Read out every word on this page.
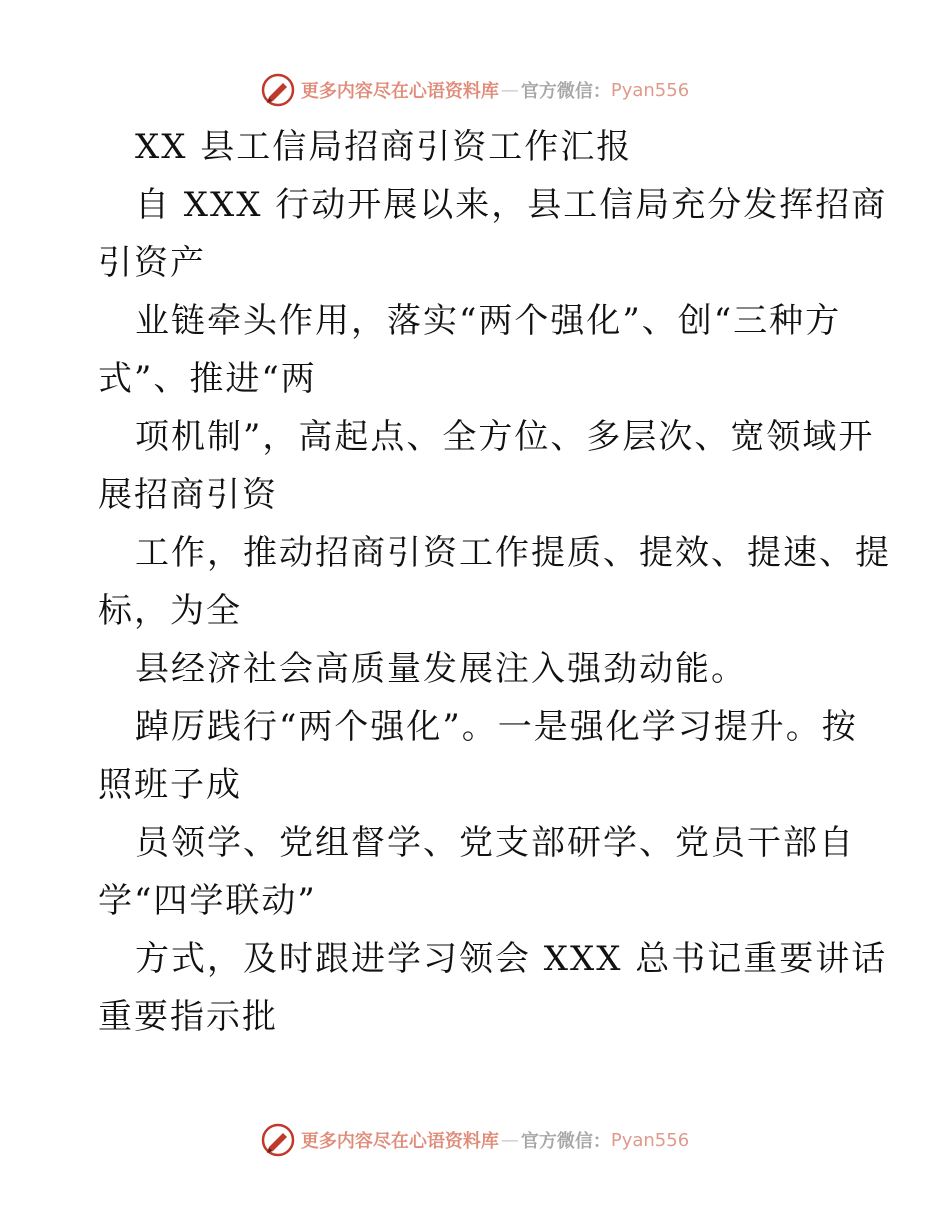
更多内容尽在心语资料库 — 官方微信： Pyan556
XX 县工信局招商引资工作汇报
自 XXX 行动开展以来，县工信局充分发挥招商
引资产
业链牵头作用，落实“两个强化”、创“三种方
式”、推进“两
项机制”，高起点、全方位、多层次、宽领域开
展招商引资
工作，推动招商引资工作提质、提效、提速、提
标，为全
县经济社会高质量发展注入强劲动能。
踔厉践行“两个强化”。一是强化学习提升。按
照班子成
员领学、党组督学、党支部研学、党员干部自
学“四学联动”
方式，及时跟进学习领会 XXX 总书记重要讲话
重要指示批
更多内容尽在心语资料库 — 官方微信： Pyan556
